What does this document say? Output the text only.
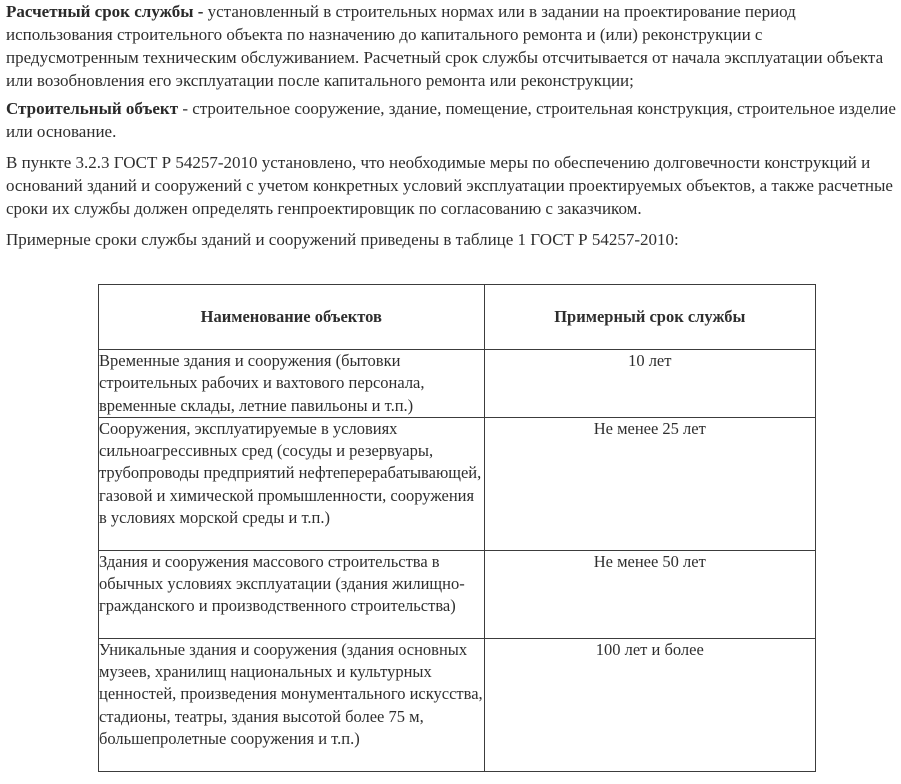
Расчетный срок службы - установленный в строительных нормах или в задании на проектирование период использования строительного объекта по назначению до капитального ремонта и (или) реконструкции с предусмотренным техническим обслуживанием. Расчетный срок службы отсчитывается от начала эксплуатации объекта или возобновления его эксплуатации после капитального ремонта или реконструкции;

Строительный объект - строительное сооружение, здание, помещение, строительная конструкция, строительное изделие или основание.

В пункте 3.2.3 ГОСТ Р 54257-2010 установлено, что необходимые меры по обеспечению долговечности конструкций и оснований зданий и сооружений с учетом конкретных условий эксплуатации проектируемых объектов, а также расчетные сроки их службы должен определять генпроектировщик по согласованию с заказчиком.

Примерные сроки службы зданий и сооружений приведены в таблице 1 ГОСТ Р 54257-2010:

Наименование объектов	Примерный срок службы
Временные здания и сооружения (бытовки строительных рабочих и вахтового персонала, временные склады, летние павильоны и т.п.)	10 лет
Сооружения, эксплуатируемые в условиях сильноагрессивных сред (сосуды и резервуары, трубопроводы предприятий нефтеперерабатывающей, газовой и химической промышленности, сооружения в условиях морской среды и т.п.)	Не менее 25 лет
Здания и сооружения массового строительства в обычных условиях эксплуатации (здания жилищно-гражданского и производственного строительства)	Не менее 50 лет
Уникальные здания и сооружения (здания основных музеев, хранилищ национальных и культурных ценностей, произведения монументального искусства, стадионы, театры, здания высотой более 75 м, большепролетные сооружения и т.п.)	100 лет и более
